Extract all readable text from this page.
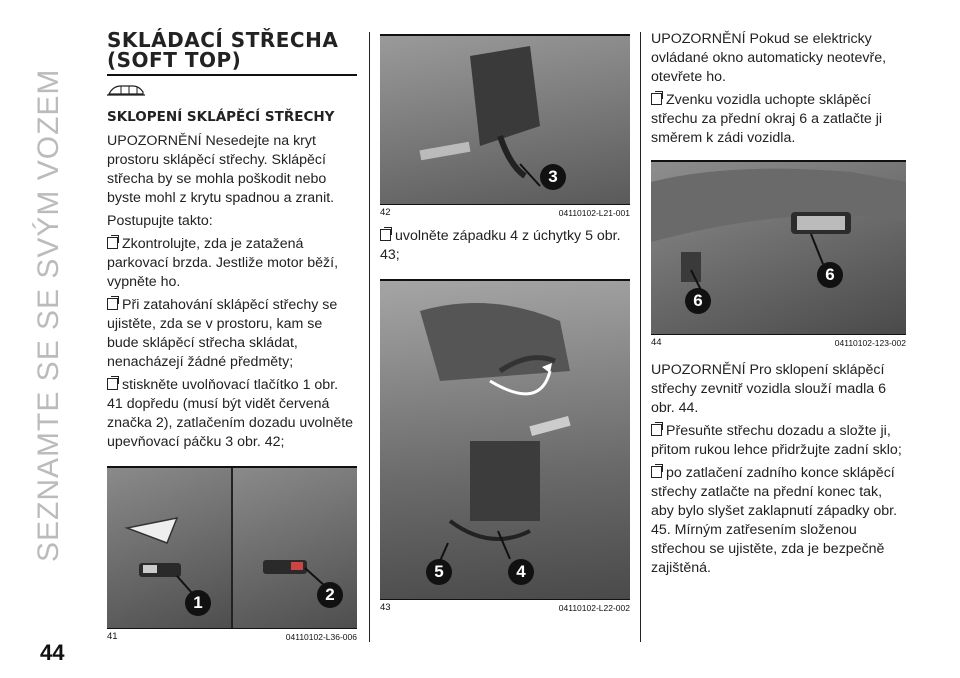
SEZNAMTE SE SE SVÝM VOZEM
44
SKLÁDACÍ STŘECHA (SOFT TOP)
SKLOPENÍ SKLÁPĚCÍ STŘECHY

UPOZORNĚNÍ Nesedejte na kryt prostoru sklápěcí střechy. Sklápěcí střecha by se mohla poškodit nebo byste mohl z krytu spadnou a zranit.

Postupujte takto:

Zkontrolujte, zda je zatažená parkovací brzda. Jestliže motor běží, vypněte ho.

Při zatahování sklápěcí střechy se ujistěte, zda se v prostoru, kam se bude sklápěcí střecha skládat, nenacházejí žádné předměty;

stiskněte uvolňovací tlačítko 1 obr. 41 dopředu (musí být vidět červená značka 2), zatlačením dozadu uvolněte upevňovací páčku 3 obr. 42;

1	2
41	04110102-L36-006
3
42	04110102-L21-001

uvolněte západku 4 z úchytky 5 obr. 43;

5	4
43	04110102-L22-002

UPOZORNĚNÍ Pokud se elektricky ovládané okno automaticky neotevře, otevřete ho.

Zvenku vozidla uchopte sklápěcí střechu za přední okraj 6 a zatlačte ji směrem k zádi vozidla.

6
6
44	04110102-123-002

UPOZORNĚNÍ Pro sklopení sklápěcí střechy zevnitř vozidla slouží madla 6 obr. 44.

Přesuňte střechu dozadu a složte ji, přitom rukou lehce přidržujte zadní sklo;

po zatlačení zadního konce sklápěcí střechy zatlačte na přední konec tak, aby bylo slyšet zaklapnutí západky obr. 45. Mírným zatřesením složenou střechou se ujistěte, zda je bezpečně zajištěná.
